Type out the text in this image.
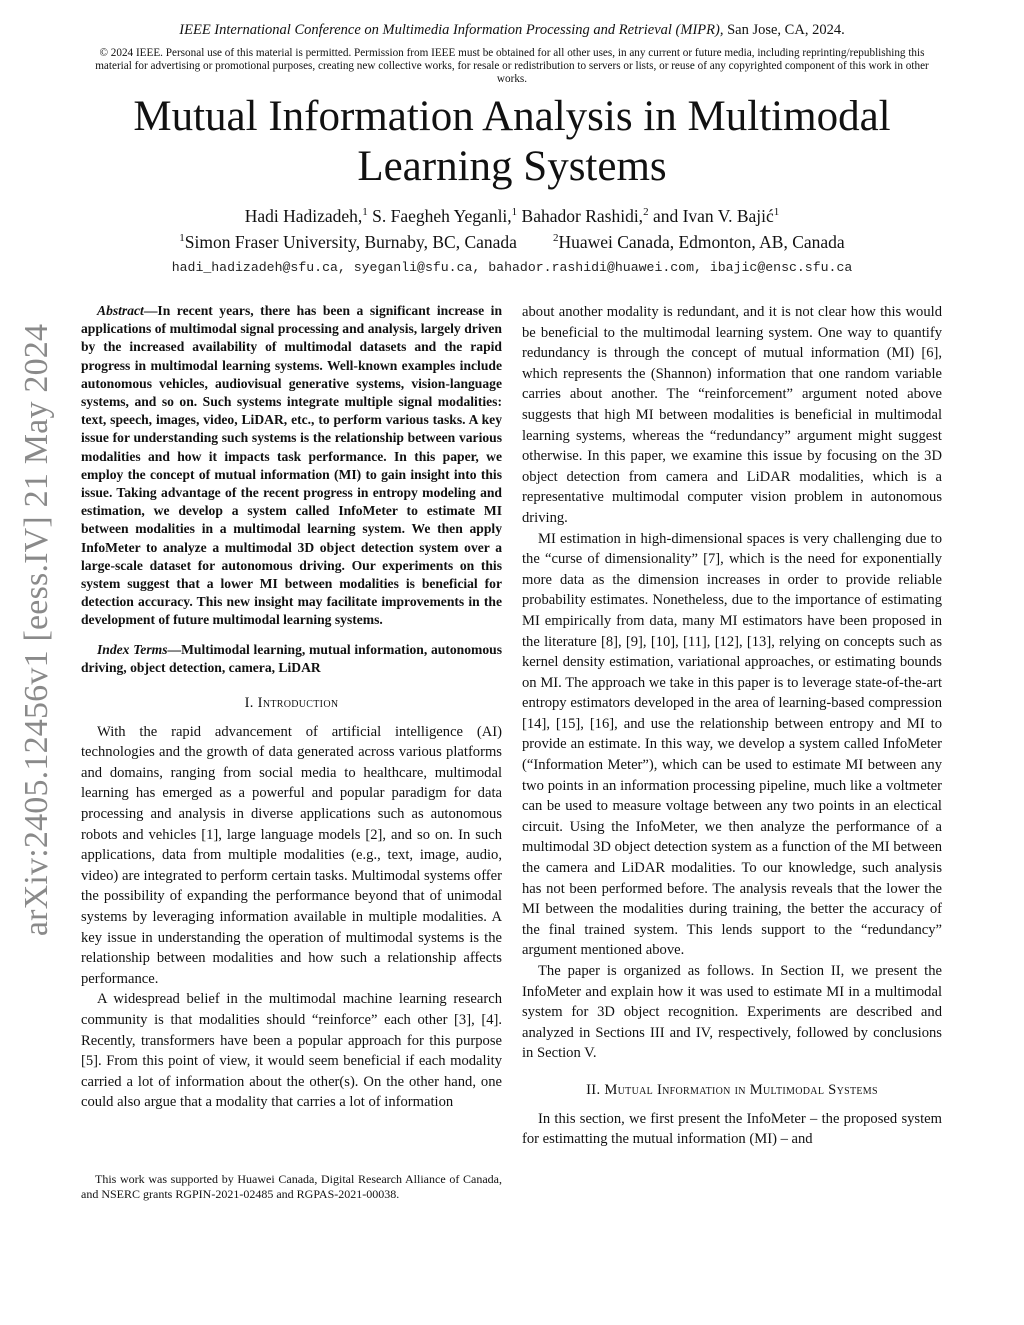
arXiv:2405.12456v1 [eess.IV] 21 May 2024
IEEE International Conference on Multimedia Information Processing and Retrieval (MIPR), San Jose, CA, 2024.
© 2024 IEEE. Personal use of this material is permitted. Permission from IEEE must be obtained for all other uses, in any current or future media, including reprinting/republishing this material for advertising or promotional purposes, creating new collective works, for resale or redistribution to servers or lists, or reuse of any copyrighted component of this work in other works.
Mutual Information Analysis in Multimodal Learning Systems
Hadi Hadizadeh,$^1$ S. Faegheh Yeganli,$^1$ Bahador Rashidi,$^2$ and Ivan V. Bajić$^1$
$^1$Simon Fraser University, Burnaby, BC, Canada	$^2$Huawei Canada, Edmonton, AB, Canada
hadi_hadizadeh@sfu.ca, syeganli@sfu.ca, bahador.rashidi@huawei.com, ibajic@ensc.sfu.ca

Abstract—In recent years, there has been a significant increase in applications of multimodal signal processing and analysis, largely driven by the increased availability of multimodal datasets and the rapid progress in multimodal learning systems. Well-known examples include autonomous vehicles, audiovisual generative systems, vision-language systems, and so on. Such systems integrate multiple signal modalities: text, speech, images, video, LiDAR, etc., to perform various tasks. A key issue for understanding such systems is the relationship between various modalities and how it impacts task performance. In this paper, we employ the concept of mutual information (MI) to gain insight into this issue. Taking advantage of the recent progress in entropy modeling and estimation, we develop a system called InfoMeter to estimate MI between modalities in a multimodal learning system. We then apply InfoMeter to analyze a multimodal 3D object detection system over a large-scale dataset for autonomous driving. Our experiments on this system suggest that a lower MI between modalities is beneficial for detection accuracy. This new insight may facilitate improvements in the development of future multimodal learning systems.

Index Terms—Multimodal learning, mutual information, autonomous driving, object detection, camera, LiDAR

I. Introduction

With the rapid advancement of artificial intelligence (AI) technologies and the growth of data generated across various platforms and domains, ranging from social media to healthcare, multimodal learning has emerged as a powerful and popular paradigm for data processing and analysis in diverse applications such as autonomous robots and vehicles [1], large language models [2], and so on. In such applications, data from multiple modalities (e.g., text, image, audio, video) are integrated to perform certain tasks. Multimodal systems offer the possibility of expanding the performance beyond that of unimodal systems by leveraging information available in multiple modalities. A key issue in understanding the operation of multimodal systems is the relationship between modalities and how such a relationship affects performance.

A widespread belief in the multimodal machine learning research community is that modalities should “reinforce” each other [3], [4]. Recently, transformers have been a popular approach for this purpose [5]. From this point of view, it would seem beneficial if each modality carried a lot of information about the other(s). On the other hand, one could also argue that a modality that carries a lot of information

This work was supported by Huawei Canada, Digital Research Alliance of Canada, and NSERC grants RGPIN-2021-02485 and RGPAS-2021-00038.

about another modality is redundant, and it is not clear how this would be beneficial to the multimodal learning system. One way to quantify redundancy is through the concept of mutual information (MI) [6], which represents the (Shannon) information that one random variable carries about another. The “reinforcement” argument noted above suggests that high MI between modalities is beneficial in multimodal learning systems, whereas the “redundancy” argument might suggest otherwise. In this paper, we examine this issue by focusing on the 3D object detection from camera and LiDAR modalities, which is a representative multimodal computer vision problem in autonomous driving.

MI estimation in high-dimensional spaces is very challenging due to the “curse of dimensionality” [7], which is the need for exponentially more data as the dimension increases in order to provide reliable probability estimates. Nonetheless, due to the importance of estimating MI empirically from data, many MI estimators have been proposed in the literature [8], [9], [10], [11], [12], [13], relying on concepts such as kernel density estimation, variational approaches, or estimating bounds on MI. The approach we take in this paper is to leverage state-of-the-art entropy estimators developed in the area of learning-based compression [14], [15], [16], and use the relationship between entropy and MI to provide an estimate. In this way, we develop a system called InfoMeter (“Information Meter”), which can be used to estimate MI between any two points in an information processing pipeline, much like a voltmeter can be used to measure voltage between any two points in an electical circuit. Using the InfoMeter, we then analyze the performance of a multimodal 3D object detection system as a function of the MI between the camera and LiDAR modalities. To our knowledge, such analysis has not been performed before. The analysis reveals that the lower the MI between the modalities during training, the better the accuracy of the final trained system. This lends support to the “redundancy” argument mentioned above.

The paper is organized as follows. In Section II, we present the InfoMeter and explain how it was used to estimate MI in a multimodal system for 3D object recognition. Experiments are described and analyzed in Sections III and IV, respectively, followed by conclusions in Section V.

II. Mutual Information in Multimodal Systems

In this section, we first present the InfoMeter – the proposed system for estimatting the mutual information (MI) – and
